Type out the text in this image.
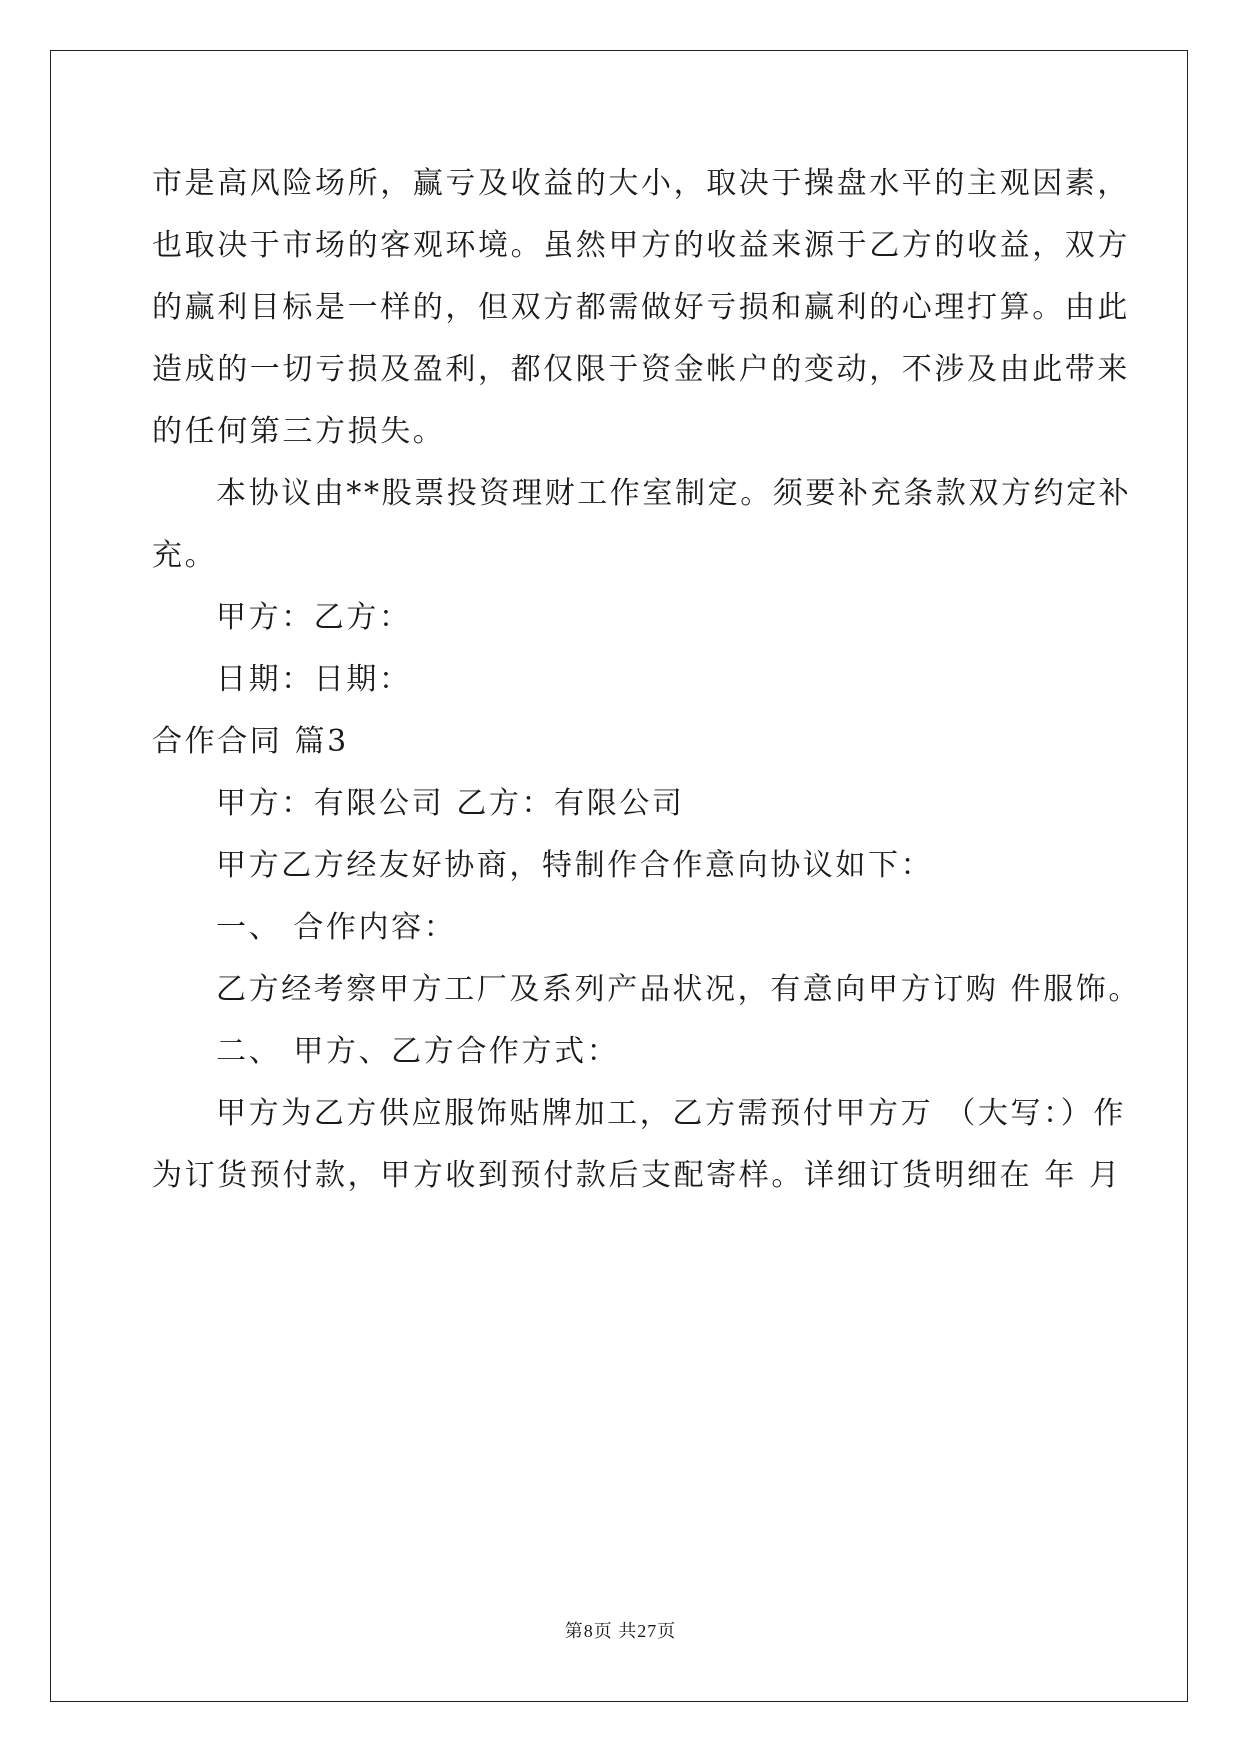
市是高风险场所，赢亏及收益的大小，取决于操盘水平的主观因素，
也取决于市场的客观环境。虽然甲方的收益来源于乙方的收益，双方
的赢利目标是一样的，但双方都需做好亏损和赢利的心理打算。由此
造成的一切亏损及盈利，都仅限于资金帐户的变动，不涉及由此带来
的任何第三方损失。
本协议由**股票投资理财工作室制定。须要补充条款双方约定补
充。
甲方：乙方：
日期：日期：
合作合同 篇3
甲方：有限公司 乙方：有限公司
甲方乙方经友好协商，特制作合作意向协议如下：
一、 合作内容：
乙方经考察甲方工厂及系列产品状况，有意向甲方订购 件服饰。
二、 甲方、乙方合作方式：
甲方为乙方供应服饰贴牌加工，乙方需预付甲方万 （大写：）作
为订货预付款，甲方收到预付款后支配寄样。详细订货明细在 年 月
第8页 共27页
